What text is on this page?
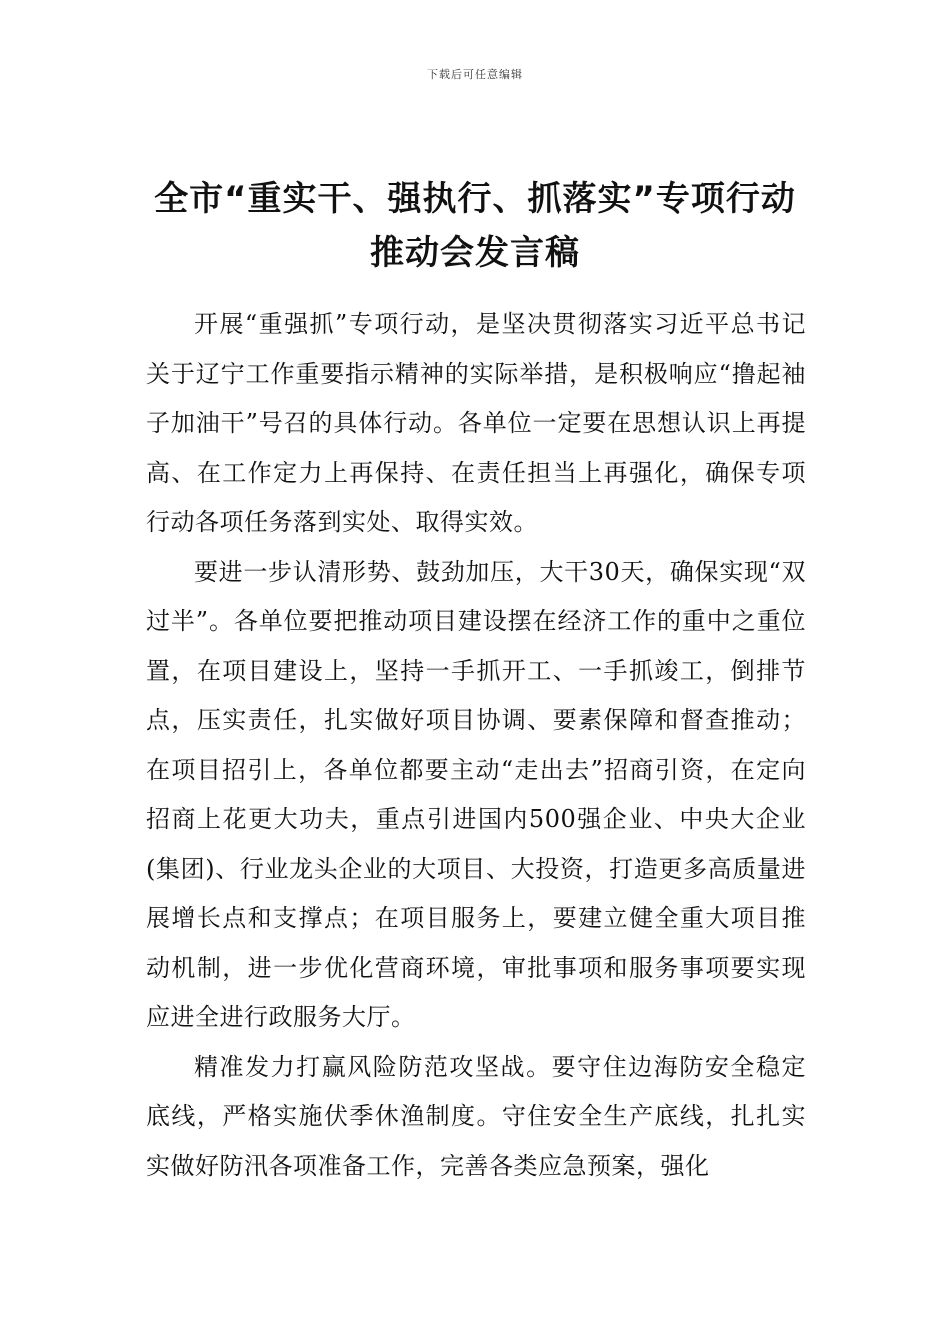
下载后可任意编辑
全市“重实干、强执行、抓落实”专项行动推动会发言稿

开展“重强抓”专项行动，是坚决贯彻落实习近平总书记关于辽宁工作重要指示精神的实际举措，是积极响应“撸起袖子加油干”号召的具体行动。各单位一定要在思想认识上再提高、在工作定力上再保持、在责任担当上再强化，确保专项行动各项任务落到实处、取得实效。

要进一步认清形势、鼓劲加压，大干30天，确保实现“双过半”。各单位要把推动项目建设摆在经济工作的重中之重位置，在项目建设上，坚持一手抓开工、一手抓竣工，倒排节点，压实责任，扎实做好项目协调、要素保障和督查推动；在项目招引上，各单位都要主动“走出去”招商引资，在定向招商上花更大功夫，重点引进国内500强企业、中央大企业(集团)、行业龙头企业的大项目、大投资，打造更多高质量进展增长点和支撑点；在项目服务上，要建立健全重大项目推动机制，进一步优化营商环境，审批事项和服务事项要实现应进全进行政服务大厅。

精准发力打赢风险防范攻坚战。要守住边海防安全稳定底线，严格实施伏季休渔制度。守住安全生产底线，扎扎实实做好防汛各项准备工作，完善各类应急预案，强化
